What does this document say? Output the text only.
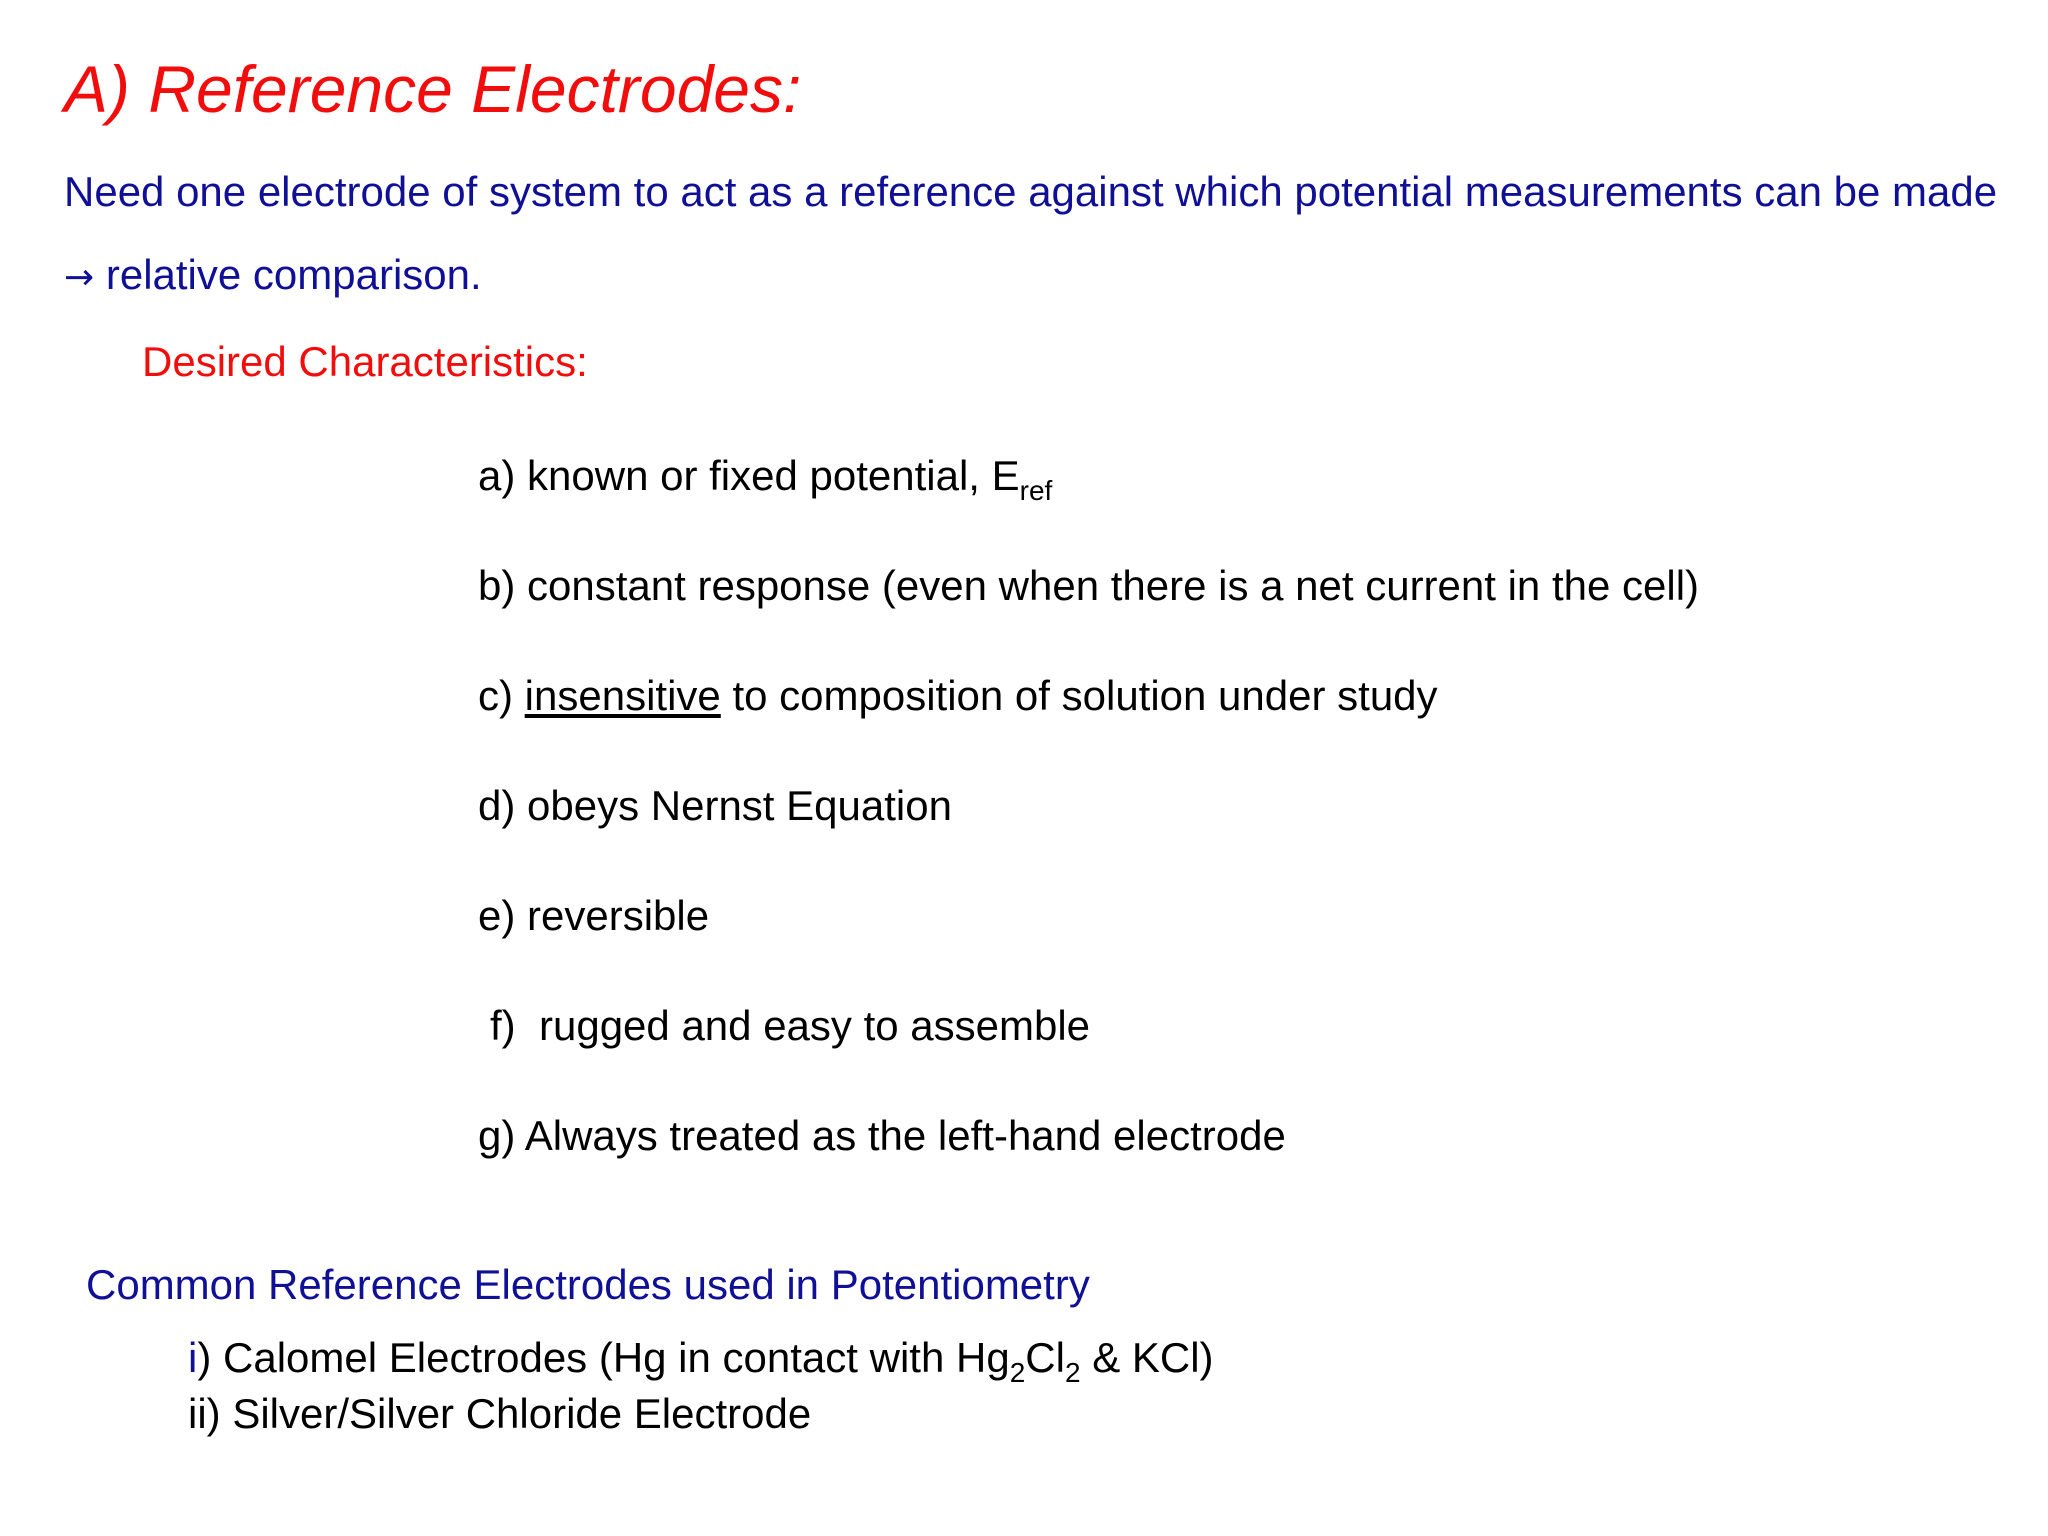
A) Reference Electrodes:
Need one electrode of system to act as a reference against which potential measurements can be made → relative comparison.
Desired Characteristics:
a) known or fixed potential, $E_{ref}$
b) constant response (even when there is a net current in the cell)
c) insensitive to composition of solution under study
d) obeys Nernst Equation
e) reversible
f) rugged and easy to assemble
g) Always treated as the left-hand electrode
Common Reference Electrodes used in Potentiometry
i) Calomel Electrodes (Hg in contact with $Hg_2Cl_2$ & KCl)
ii) Silver/Silver Chloride Electrode
